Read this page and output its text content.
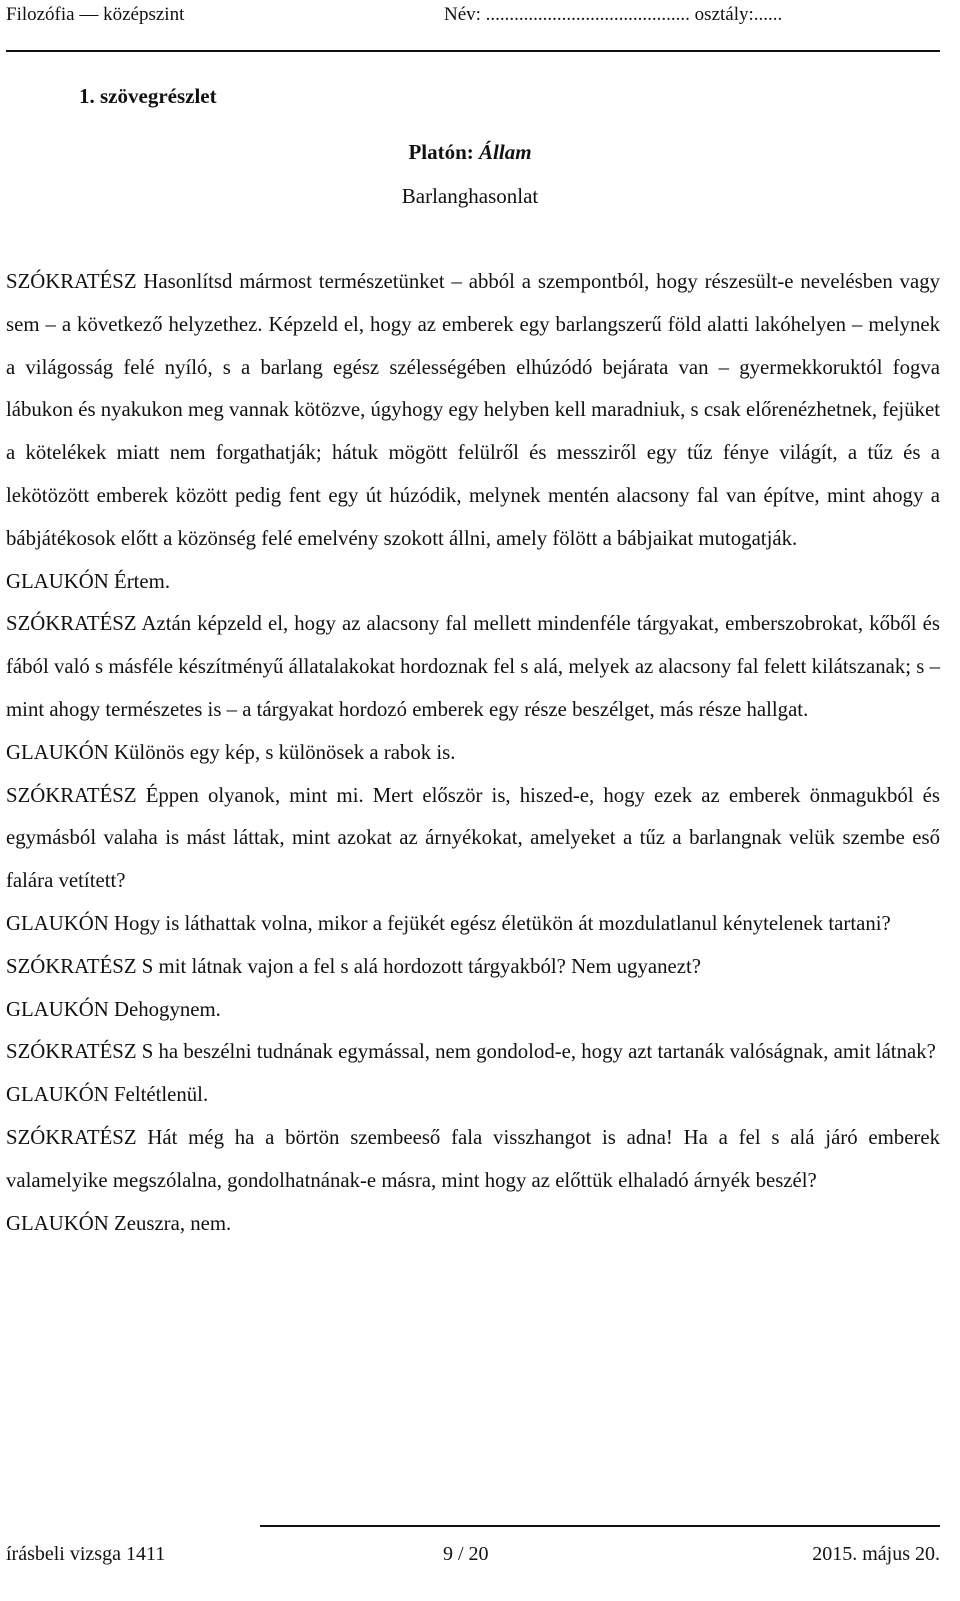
Filozófia — középszint	Név: ........................................... osztály:......
1. szövegrészlet
Platón: Állam
Barlanghasonlat

SZÓKRATÉSZ Hasonlítsd mármost természetünket – abból a szempontból, hogy részesült-e nevelésben vagy sem – a következő helyzethez. Képzeld el, hogy az emberek egy barlangszerű föld alatti lakóhelyen – melynek a világosság felé nyíló, s a barlang egész szélességében elhúzódó bejárata van – gyermekkoruktól fogva lábukon és nyakukon meg vannak kötözve, úgyhogy egy helyben kell maradniuk, s csak előrenézhetnek, fejüket a kötelékek miatt nem forgathatják; hátuk mögött felülről és messziről egy tűz fénye világít, a tűz és a lekötözött emberek között pedig fent egy út húzódik, melynek mentén alacsony fal van építve, mint ahogy a bábjátékosok előtt a közönség felé emelvény szokott állni, amely fölött a bábjaikat mutogatják.

GLAUKÓN Értem.

SZÓKRATÉSZ Aztán képzeld el, hogy az alacsony fal mellett mindenféle tárgyakat, emberszobrokat, kőből és fából való s másféle készítményű állatalakokat hordoznak fel s alá, melyek az alacsony fal felett kilátszanak; s – mint ahogy természetes is – a tárgyakat hordozó emberek egy része beszélget, más része hallgat.

GLAUKÓN Különös egy kép, s különösek a rabok is.

SZÓKRATÉSZ Éppen olyanok, mint mi. Mert először is, hiszed-e, hogy ezek az emberek önmagukból és egymásból valaha is mást láttak, mint azokat az árnyékokat, amelyeket a tűz a barlangnak velük szembe eső falára vetített?

GLAUKÓN Hogy is láthattak volna, mikor a fejükét egész életükön át mozdulatlanul kénytelenek tartani?

SZÓKRATÉSZ S mit látnak vajon a fel s alá hordozott tárgyakból? Nem ugyanezt?

GLAUKÓN Dehogynem.

SZÓKRATÉSZ S ha beszélni tudnának egymással, nem gondolod-e, hogy azt tartanák valóságnak, amit látnak?

GLAUKÓN Feltétlenül.

SZÓKRATÉSZ Hát még ha a börtön szembeeső fala visszhangot is adna! Ha a fel s alá járó emberek valamelyike megszólalna, gondolhatnának-e másra, mint hogy az előttük elhaladó árnyék beszél?

GLAUKÓN Zeuszra, nem.

írásbeli vizsga 1411	9 / 20	2015. május 20.
